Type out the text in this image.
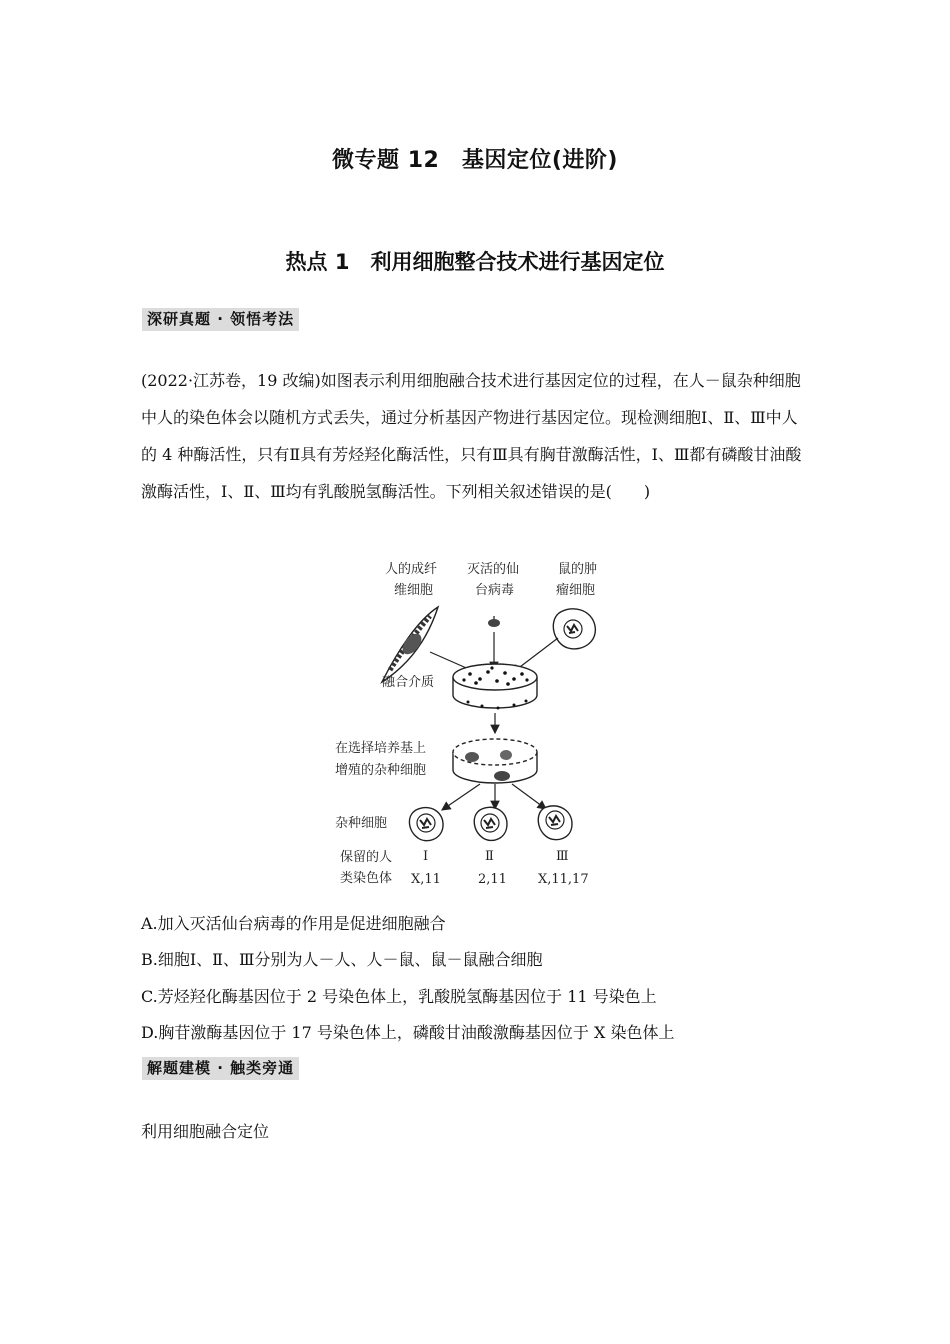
微专题 12　基因定位(进阶)
热点 1　利用细胞整合技术进行基因定位
深研真题 · 领悟考法
(2022·江苏卷，19 改编)如图表示利用细胞融合技术进行基因定位的过程，在人－鼠杂种细胞中人的染色体会以随机方式丢失，通过分析基因产物进行基因定位。现检测细胞Ⅰ、Ⅱ、Ⅲ中人的 4 种酶活性，只有Ⅱ具有芳烃羟化酶活性，只有Ⅲ具有胸苷激酶活性，Ⅰ、Ⅲ都有磷酸甘油酸激酶活性，Ⅰ、Ⅱ、Ⅲ均有乳酸脱氢酶活性。下列相关叙述错误的是(　　)
人的成纤
维细胞
灭活的仙
台病毒
鼠的肿
瘤细胞
融合介质
在选择培养基上
增殖的杂种细胞
杂种细胞
保留的人
类染色体
Ⅰ	Ⅱ	Ⅲ
X,11	2,11 X,11,17
A.加入灭活仙台病毒的作用是促进细胞融合
B.细胞Ⅰ、Ⅱ、Ⅲ分别为人－人、人－鼠、鼠－鼠融合细胞
C.芳烃羟化酶基因位于 2 号染色体上，乳酸脱氢酶基因位于 11 号染色上
D.胸苷激酶基因位于 17 号染色体上，磷酸甘油酸激酶基因位于 X 染色体上
解题建模 · 触类旁通
利用细胞融合定位
